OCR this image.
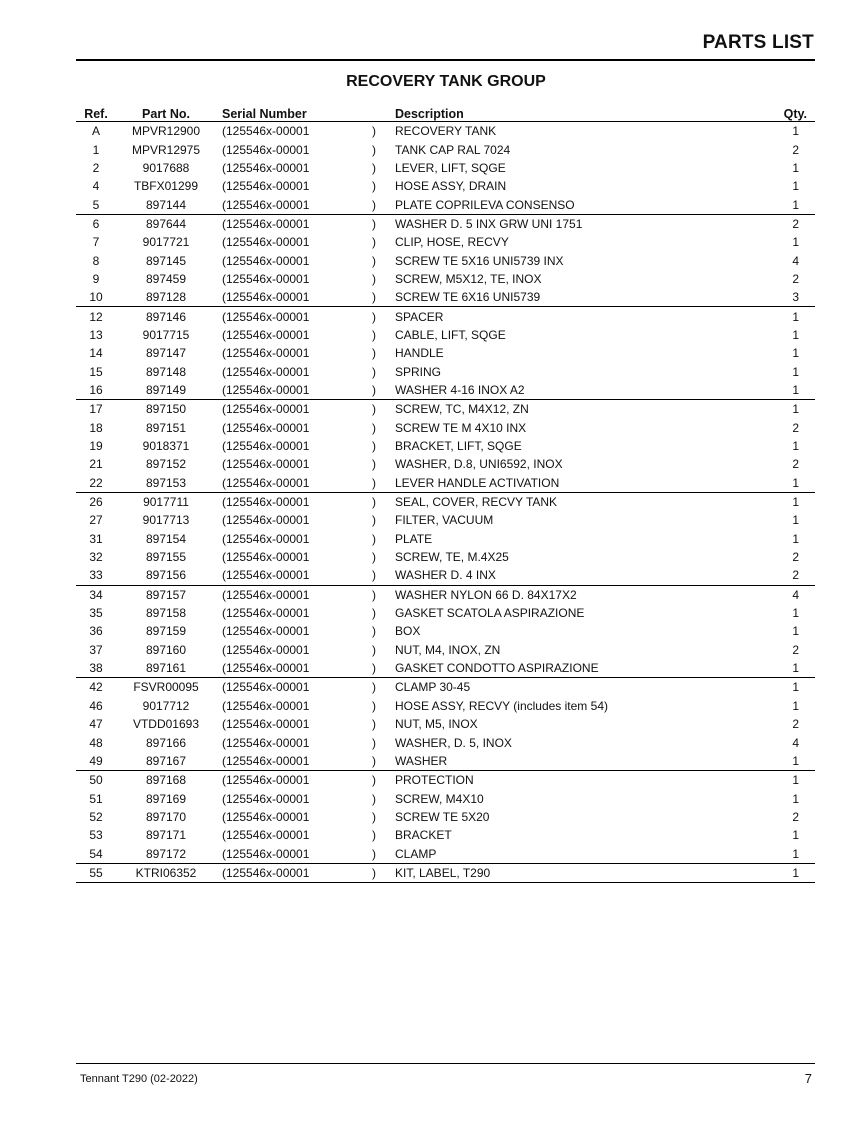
PARTS LIST
RECOVERY TANK GROUP
Ref.	Part No.	Serial Number		Description	Qty.
A	MPVR12900	(125546x-00001	)	RECOVERY TANK	1
1	MPVR12975	(125546x-00001	)	TANK CAP RAL 7024	2
2	9017688	(125546x-00001	)	LEVER, LIFT, SQGE	1
4	TBFX01299	(125546x-00001	)	HOSE ASSY, DRAIN	1
5	897144	(125546x-00001	)	PLATE COPRILEVA CONSENSO	1
6	897644	(125546x-00001	)	WASHER D. 5 INX GRW UNI 1751	2
7	9017721	(125546x-00001	)	CLIP, HOSE, RECVY	1
8	897145	(125546x-00001	)	SCREW TE 5X16 UNI5739 INX	4
9	897459	(125546x-00001	)	SCREW, M5X12, TE, INOX	2
10	897128	(125546x-00001	)	SCREW TE 6X16 UNI5739	3
12	897146	(125546x-00001	)	SPACER	1
13	9017715	(125546x-00001	)	CABLE, LIFT, SQGE	1
14	897147	(125546x-00001	)	HANDLE	1
15	897148	(125546x-00001	)	SPRING	1
16	897149	(125546x-00001	)	WASHER 4-16 INOX A2	1
17	897150	(125546x-00001	)	SCREW, TC, M4X12, ZN	1
18	897151	(125546x-00001	)	SCREW TE M 4X10 INX	2
19	9018371	(125546x-00001	)	BRACKET, LIFT, SQGE	1
21	897152	(125546x-00001	)	WASHER, D.8, UNI6592, INOX	2
22	897153	(125546x-00001	)	LEVER HANDLE ACTIVATION	1
26	9017711	(125546x-00001	)	SEAL, COVER, RECVY TANK	1
27	9017713	(125546x-00001	)	FILTER, VACUUM	1
31	897154	(125546x-00001	)	PLATE	1
32	897155	(125546x-00001	)	SCREW, TE, M.4X25	2
33	897156	(125546x-00001	)	WASHER D. 4 INX	2
34	897157	(125546x-00001	)	WASHER NYLON 66 D. 84X17X2	4
35	897158	(125546x-00001	)	GASKET SCATOLA ASPIRAZIONE	1
36	897159	(125546x-00001	)	BOX	1
37	897160	(125546x-00001	)	NUT, M4, INOX, ZN	2
38	897161	(125546x-00001	)	GASKET CONDOTTO ASPIRAZIONE	1
42	FSVR00095	(125546x-00001	)	CLAMP 30-45	1
46	9017712	(125546x-00001	)	HOSE ASSY, RECVY (includes item 54)	1
47	VTDD01693	(125546x-00001	)	NUT, M5, INOX	2
48	897166	(125546x-00001	)	WASHER, D. 5, INOX	4
49	897167	(125546x-00001	)	WASHER	1
50	897168	(125546x-00001	)	PROTECTION	1
51	897169	(125546x-00001	)	SCREW, M4X10	1
52	897170	(125546x-00001	)	SCREW TE 5X20	2
53	897171	(125546x-00001	)	BRACKET	1
54	897172	(125546x-00001	)	CLAMP	1
55	KTRI06352	(125546x-00001	)	KIT, LABEL, T290	1
Tennant T290 (02-2022)	7
